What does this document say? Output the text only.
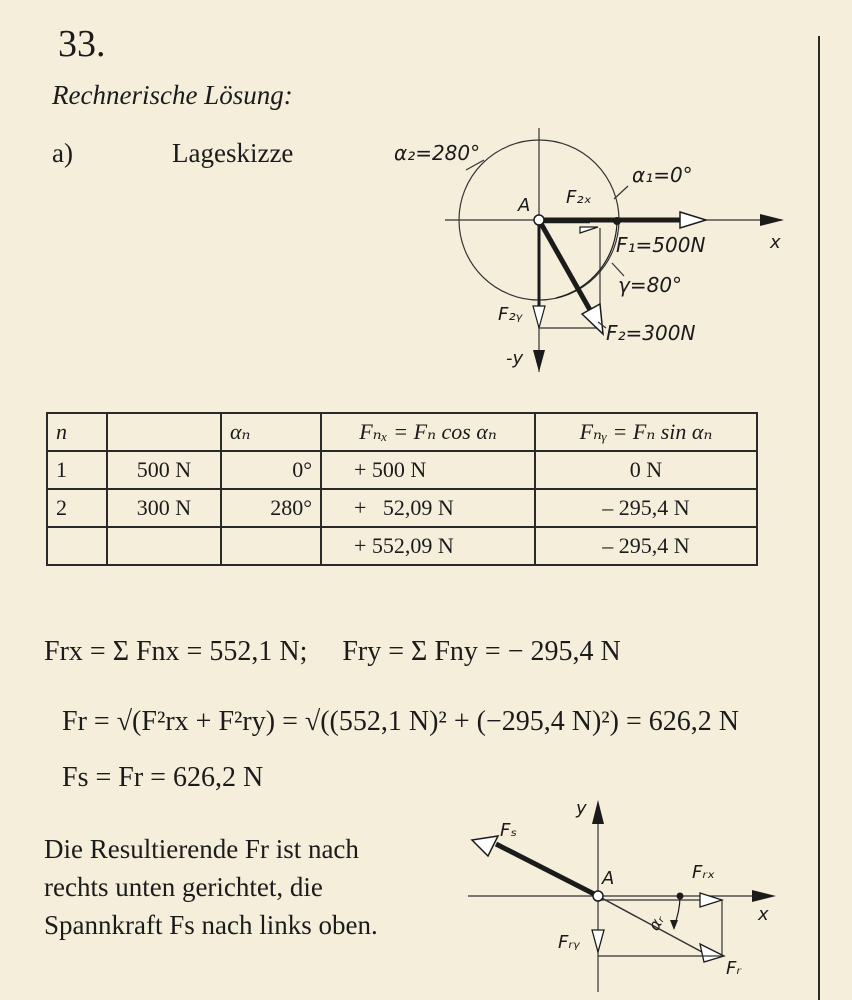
33.
Rechnerische Lösung:
a)	Lageskizze	α₂=280°
α₁=0°
A F₂ₓ
x
F₁=500N
γ=80°
F₂ᵧ
F₂=300N
-y
n		αₙ	Fₙₓ = Fₙ cos αₙ	Fₙᵧ = Fₙ sin αₙ
1	500 N	0°	+ 500 N	0 N
2	300 N	280°	+   52,09 N	– 295,4 N
			+ 552,09 N	– 295,4 N
Frx = Σ Fnx = 552,1 N;     Fry = Σ Fny = − 295,4 N
Fr = √(F²rx + F²ry) = √((552,1 N)² + (−295,4 N)²) = 626,2 N
Fs = Fr = 626,2 N
Die Resultierende Fr ist nach
rechts unten gerichtet, die
Spannkraft Fs nach links oben.
y
Fₛ
A	Fᵣₓ
x
αᵣ
Fᵣᵧ
Fᵣ
